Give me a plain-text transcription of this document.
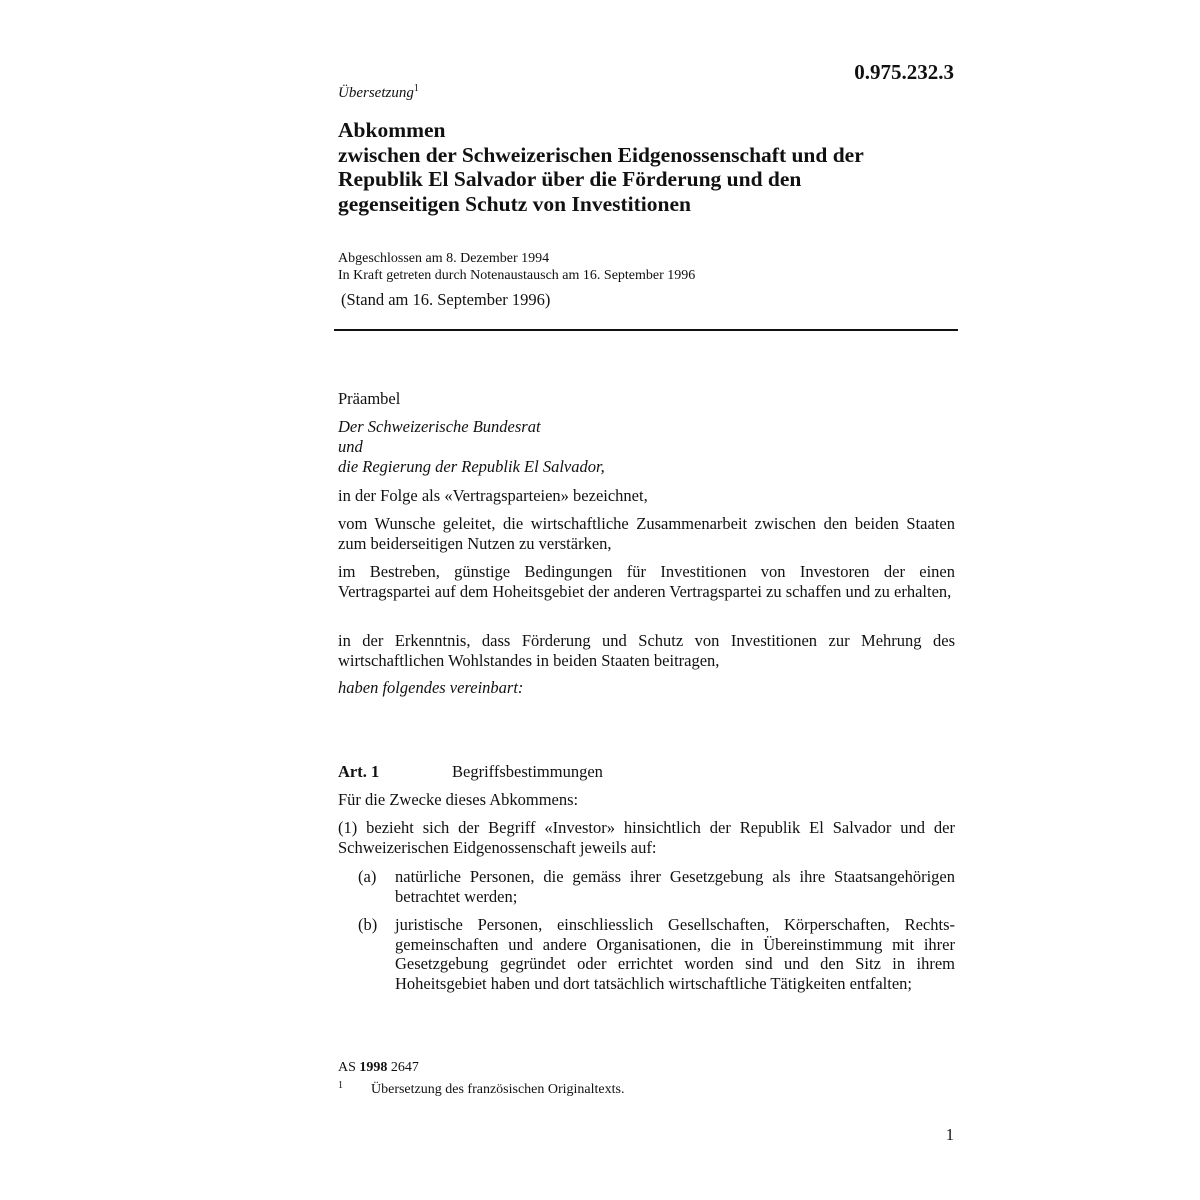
0.975.232.3
Übersetzung$^1$
Abkommen
zwischen der Schweizerischen Eidgenossenschaft und der
Republik El Salvador über die Förderung und den
gegenseitigen Schutz von Investitionen
Abgeschlossen am 8. Dezember 1994
In Kraft getreten durch Notenaustausch am 16. September 1996
(Stand am 16. September 1996)
Präambel
Der Schweizerische Bundesrat
und
die Regierung der Republik El Salvador,
in der Folge als «Vertragsparteien» bezeichnet,
vom Wunsche geleitet, die wirtschaftliche Zusammenarbeit zwischen den beiden Staaten zum beiderseitigen Nutzen zu verstärken,
im Bestreben, günstige Bedingungen für Investitionen von Investoren der einen Vertragspartei auf dem Hoheitsgebiet der anderen Vertragspartei zu schaffen und zu erhalten,
in der Erkenntnis, dass Förderung und Schutz von Investitionen zur Mehrung des wirtschaftlichen Wohlstandes in beiden Staaten beitragen,
haben folgendes vereinbart:
Art. 1	Begriffsbestimmungen
Für die Zwecke dieses Abkommens:
(1) bezieht sich der Begriff «Investor» hinsichtlich der Republik El Salvador und der Schweizerischen Eidgenossenschaft jeweils auf:
(a) natürliche Personen, die gemäss ihrer Gesetzgebung als ihre Staatsangehörigen betrachtet werden;
(b) juristische Personen, einschliesslich Gesellschaften, Körperschaften, Rechtsgemeinschaften und andere Organisationen, die in Übereinstimmung mit ihrer Gesetzgebung gegründet oder errichtet worden sind und den Sitz in ihrem Hoheitsgebiet haben und dort tatsächlich wirtschaftliche Tätigkeiten entfalten;
AS 1998 2647
1 Übersetzung des französischen Originaltexts.
1
